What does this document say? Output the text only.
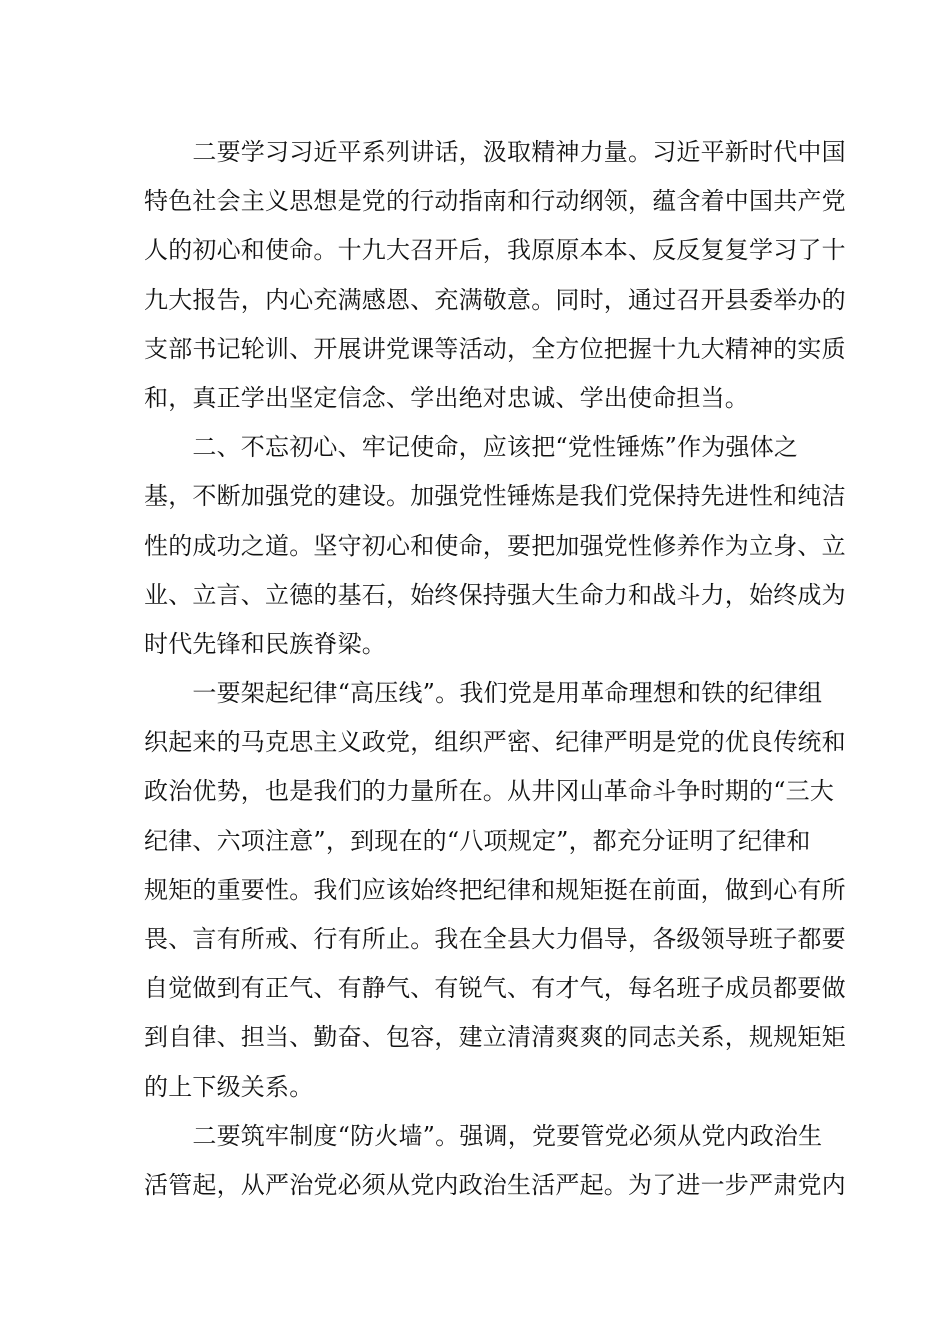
　　二要学习习近平系列讲话，汲取精神力量。习近平新时代中国
特色社会主义思想是党的行动指南和行动纲领，蕴含着中国共产党
人的初心和使命。十九大召开后，我原原本本、反反复复学习了十
九大报告，内心充满感恩、充满敬意。同时，通过召开县委举办的
支部书记轮训、开展讲党课等活动，全方位把握十九大精神的实质
和，真正学出坚定信念、学出绝对忠诚、学出使命担当。

　　二、不忘初心、牢记使命，应该把“党性锤炼”作为强体之
基，不断加强党的建设。加强党性锤炼是我们党保持先进性和纯洁
性的成功之道。坚守初心和使命，要把加强党性修养作为立身、立
业、立言、立德的基石，始终保持强大生命力和战斗力，始终成为
时代先锋和民族脊梁。

　　一要架起纪律“高压线”。我们党是用革命理想和铁的纪律组
织起来的马克思主义政党，组织严密、纪律严明是党的优良传统和
政治优势，也是我们的力量所在。从井冈山革命斗争时期的“三大
纪律、六项注意”，到现在的“八项规定”，都充分证明了纪律和
规矩的重要性。我们应该始终把纪律和规矩挺在前面，做到心有所
畏、言有所戒、行有所止。我在全县大力倡导，各级领导班子都要
自觉做到有正气、有静气、有锐气、有才气，每名班子成员都要做
到自律、担当、勤奋、包容，建立清清爽爽的同志关系，规规矩矩
的上下级关系。

　　二要筑牢制度“防火墙”。强调，党要管党必须从党内政治生
活管起，从严治党必须从党内政治生活严起。为了进一步严肃党内
